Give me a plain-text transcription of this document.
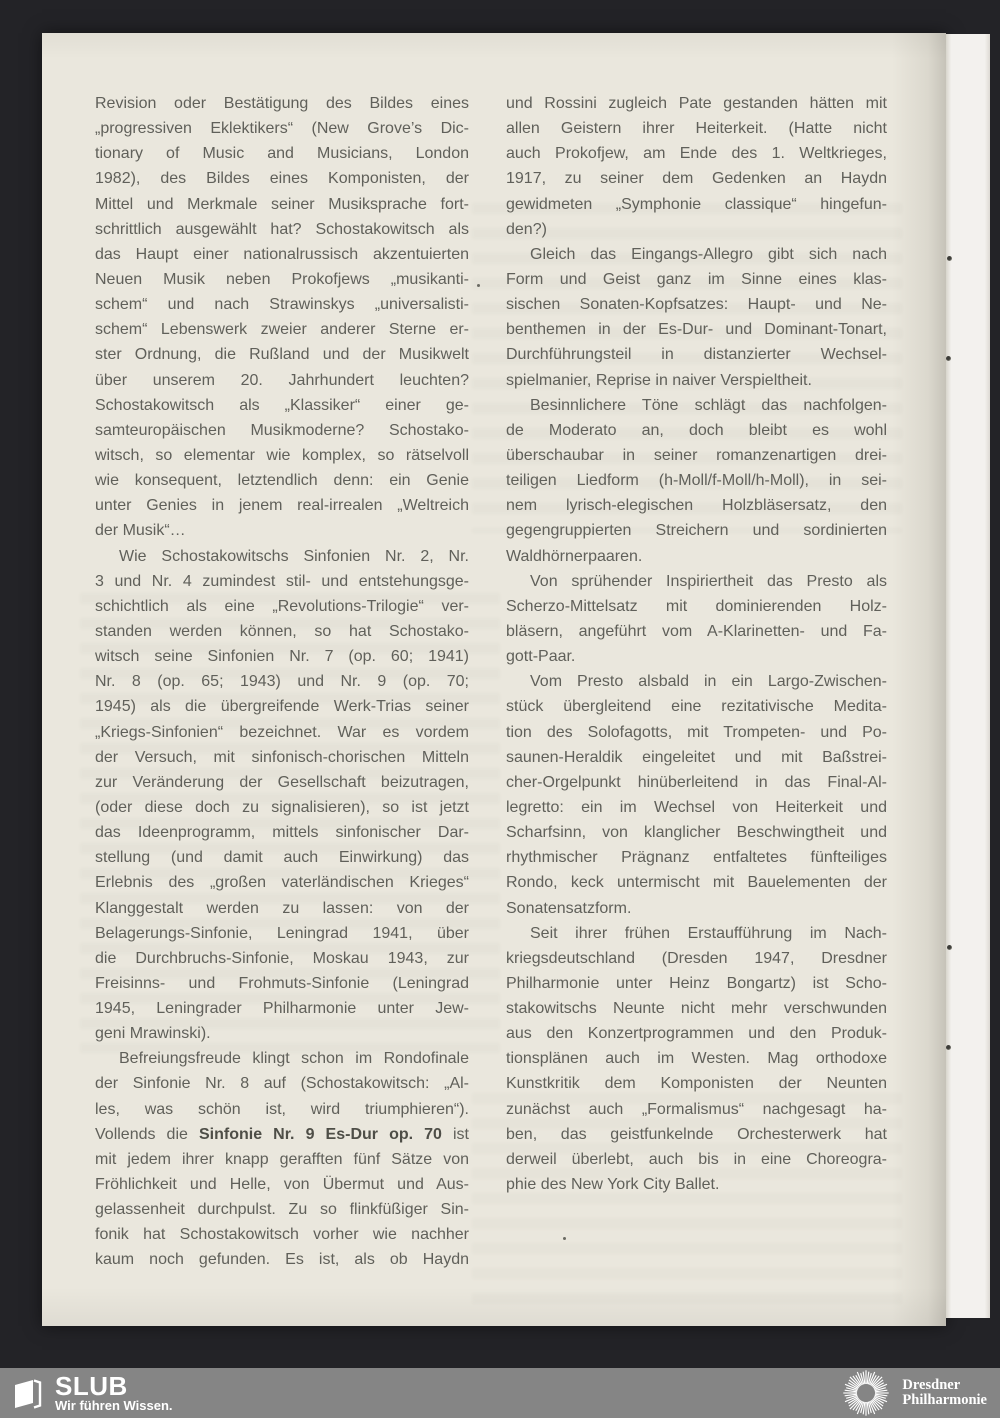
Revision oder Bestätigung des Bildes eines
„progressiven Eklektikers“ (New Grove’s Dic-
tionary of Music and Musicians, London
1982), des Bildes eines Komponisten, der
Mittel und Merkmale seiner Musiksprache fort-
schrittlich ausgewählt hat? Schostakowitsch als
das Haupt einer nationalrussisch akzentuierten
Neuen Musik neben Prokofjews „musikanti-
schem“ und nach Strawinskys „universalisti-
schem“ Lebenswerk zweier anderer Sterne er-
ster Ordnung, die Rußland und der Musikwelt
über unserem 20. Jahrhundert leuchten?
Schostakowitsch als „Klassiker“ einer ge-
samteuropäischen Musikmoderne? Schostako-
witsch, so elementar wie komplex, so rätselvoll
wie konsequent, letztendlich denn: ein Genie
unter Genies in jenem real-irrealen „Weltreich
der Musik“…
Wie Schostakowitschs Sinfonien Nr. 2, Nr.
3 und Nr. 4 zumindest stil- und entstehungsge-
schichtlich als eine „Revolutions-Trilogie“ ver-
standen werden können, so hat Schostako-
witsch seine Sinfonien Nr. 7 (op. 60; 1941)
Nr. 8 (op. 65; 1943) und Nr. 9 (op. 70;
1945) als die übergreifende Werk-Trias seiner
„Kriegs-Sinfonien“ bezeichnet. War es vordem
der Versuch, mit sinfonisch-chorischen Mitteln
zur Veränderung der Gesellschaft beizutragen,
(oder diese doch zu signalisieren), so ist jetzt
das Ideenprogramm, mittels sinfonischer Dar-
stellung (und damit auch Einwirkung) das
Erlebnis des „großen vaterländischen Krieges“
Klanggestalt werden zu lassen: von der
Belagerungs-Sinfonie, Leningrad 1941, über
die Durchbruchs-Sinfonie, Moskau 1943, zur
Freisinns- und Frohmuts-Sinfonie (Leningrad
1945, Leningrader Philharmonie unter Jew-
geni Mrawinski).
Befreiungsfreude klingt schon im Rondofinale
der Sinfonie Nr. 8 auf (Schostakowitsch: „Al-
les, was schön ist, wird triumphieren“).
Vollends die Sinfonie Nr. 9 Es-Dur op. 70 ist
mit jedem ihrer knapp gerafften fünf Sätze von
Fröhlichkeit und Helle, von Übermut und Aus-
gelassenheit durchpulst. Zu so flinkfüßiger Sin-
fonik hat Schostakowitsch vorher wie nachher
kaum noch gefunden. Es ist, als ob Haydn
und Rossini zugleich Pate gestanden hätten mit
allen Geistern ihrer Heiterkeit. (Hatte nicht
auch Prokofjew, am Ende des 1. Weltkrieges,
1917, zu seiner dem Gedenken an Haydn
gewidmeten „Symphonie classique“ hingefun-
den?)
Gleich das Eingangs-Allegro gibt sich nach
Form und Geist ganz im Sinne eines klas-
sischen Sonaten-Kopfsatzes: Haupt- und Ne-
benthemen in der Es-Dur- und Dominant-Tonart,
Durchführungsteil in distanzierter Wechsel-
spielmanier, Reprise in naiver Verspieltheit.
Besinnlichere Töne schlägt das nachfolgen-
de Moderato an, doch bleibt es wohl
überschaubar in seiner romanzenartigen drei-
teiligen Liedform (h-Moll/f-Moll/h-Moll), in sei-
nem lyrisch-elegischen Holzbläsersatz, den
gegengruppierten Streichern und sordinierten
Waldhörnerpaaren.
Von sprühender Inspiriertheit das Presto als
Scherzo-Mittelsatz mit dominierenden Holz-
bläsern, angeführt vom A-Klarinetten- und Fa-
gott-Paar.
Vom Presto alsbald in ein Largo-Zwischen-
stück übergleitend eine rezitativische Medita-
tion des Solofagotts, mit Trompeten- und Po-
saunen-Heraldik eingeleitet und mit Baßstrei-
cher-Orgelpunkt hinüberleitend in das Final-Al-
legretto: ein im Wechsel von Heiterkeit und
Scharfsinn, von klanglicher Beschwingtheit und
rhythmischer Prägnanz entfaltetes fünfteiliges
Rondo, keck untermischt mit Bauelementen der
Sonatensatzform.
Seit ihrer frühen Erstaufführung im Nach-
kriegsdeutschland (Dresden 1947, Dresdner
Philharmonie unter Heinz Bongartz) ist Scho-
stakowitschs Neunte nicht mehr verschwunden
aus den Konzertprogrammen und den Produk-
tionsplänen auch im Westen. Mag orthodoxe
Kunstkritik dem Komponisten der Neunten
zunächst auch „Formalismus“ nachgesagt ha-
ben, das geistfunkelnde Orchesterwerk hat
derweil überlebt, auch bis in eine Choreogra-
phie des New York City Ballet.
SLUB
Wir führen Wissen.
Dresdner
Philharmonie
